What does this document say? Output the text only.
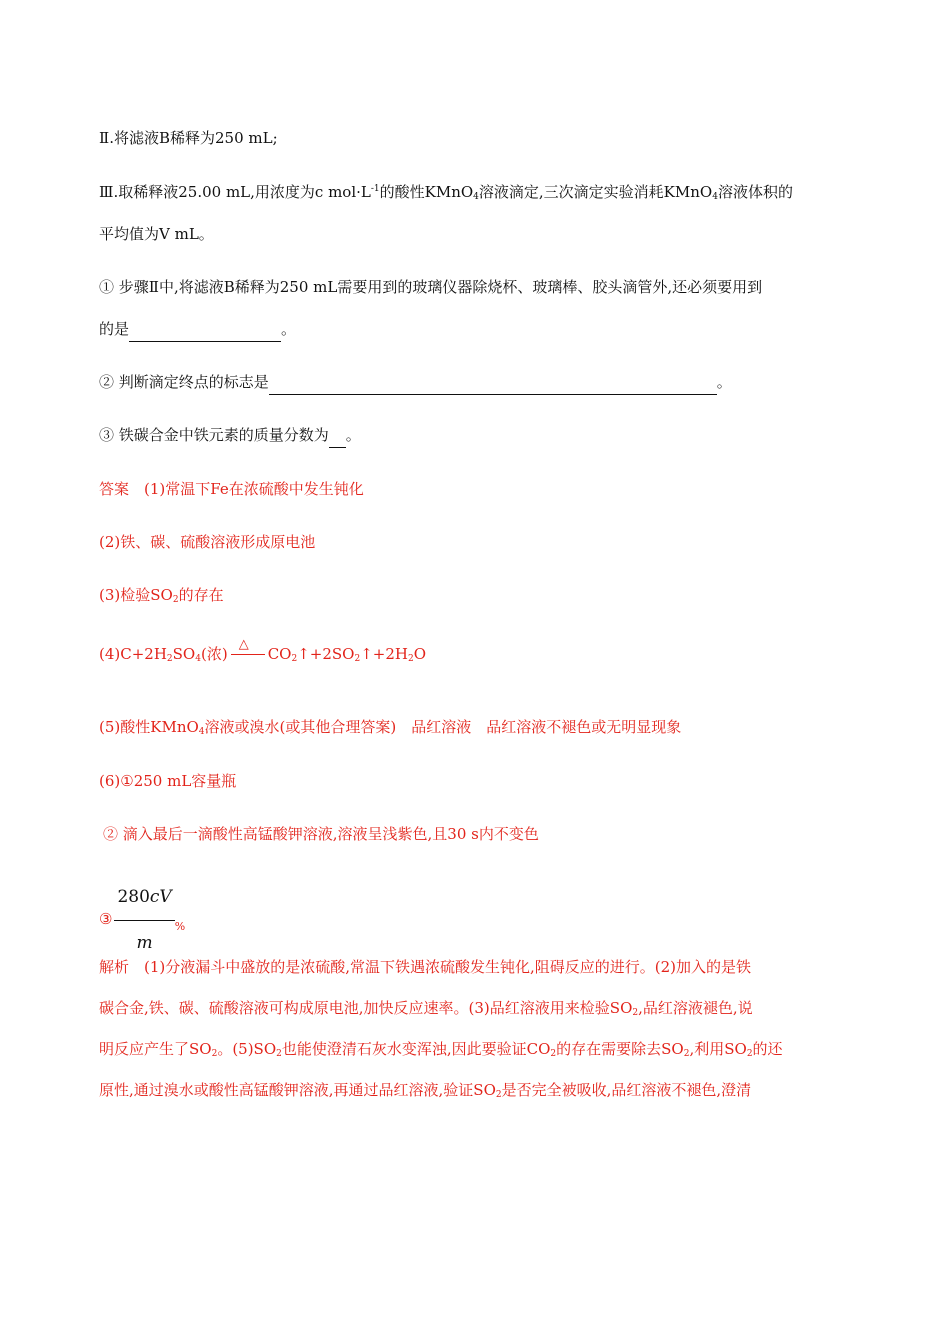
Ⅱ.将滤液B稀释为250 mL;
Ⅲ.取稀释液25.00 mL,用浓度为c $mol\cdot L^{-1}$的酸性KMnO$_4$溶液滴定,三次滴定实验消耗KMnO$_4$溶液体积的
平均值为V mL。
① 步骤Ⅱ中,将滤液B稀释为250 mL需要用到的玻璃仪器除烧杯、玻璃棒、胶头滴管外,还必须要用到
的是	。
② 判断滴定终点的标志是	。
③ 铁碳合金中铁元素的质量分数为 。
答案　(1)常温下Fe在浓硫酸中发生钝化
(2)铁、碳、硫酸溶液形成原电池
(3)检验$SO_2$的存在
$(4)C+2H_2SO_4$(浓)
△
$CO_2↑+2SO_2↑+2H_2O$
(5)酸性KMnO$_4$溶液或溴水(或其他合理答案)　品红溶液　品红溶液不褪色或无明显现象
(6)①250 mL容量瓶
② 滴入最后一滴酸性高锰酸钾溶液,溶液呈浅紫色,且30 s内不变色
③ $\frac{280cV}{m} _{\%}$
解析　(1)分液漏斗中盛放的是浓硫酸,常温下铁遇浓硫酸发生钝化,阻碍反应的进行。(2)加入的是铁
碳合金,铁、碳、硫酸溶液可构成原电池,加快反应速率。(3)品红溶液用来检验$SO_2$,品红溶液褪色,说
明反应产生了$SO_2$。$(5)SO_2$也能使澄清石灰水变浑浊,因此要验证$CO_2$的存在需要除去$SO_2$,利用$SO_2$的还
原性,通过溴水或酸性高锰酸钾溶液,再通过品红溶液,验证$SO_2$是否完全被吸收,品红溶液不褪色,澄清
